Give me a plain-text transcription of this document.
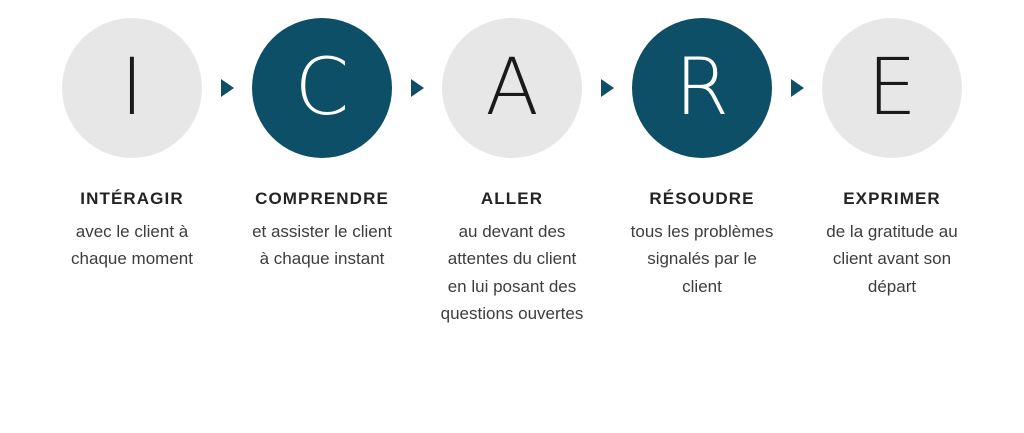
I
INTÉRAGIR
avec le client à chaque moment
C
COMPRENDRE
et assister le client à chaque instant
A
ALLER
au devant des attentes du client en lui posant des questions ouvertes
R
RÉSOUDRE
tous les problèmes signalés par le client
E
EXPRIMER
de la gratitude au client avant son départ
